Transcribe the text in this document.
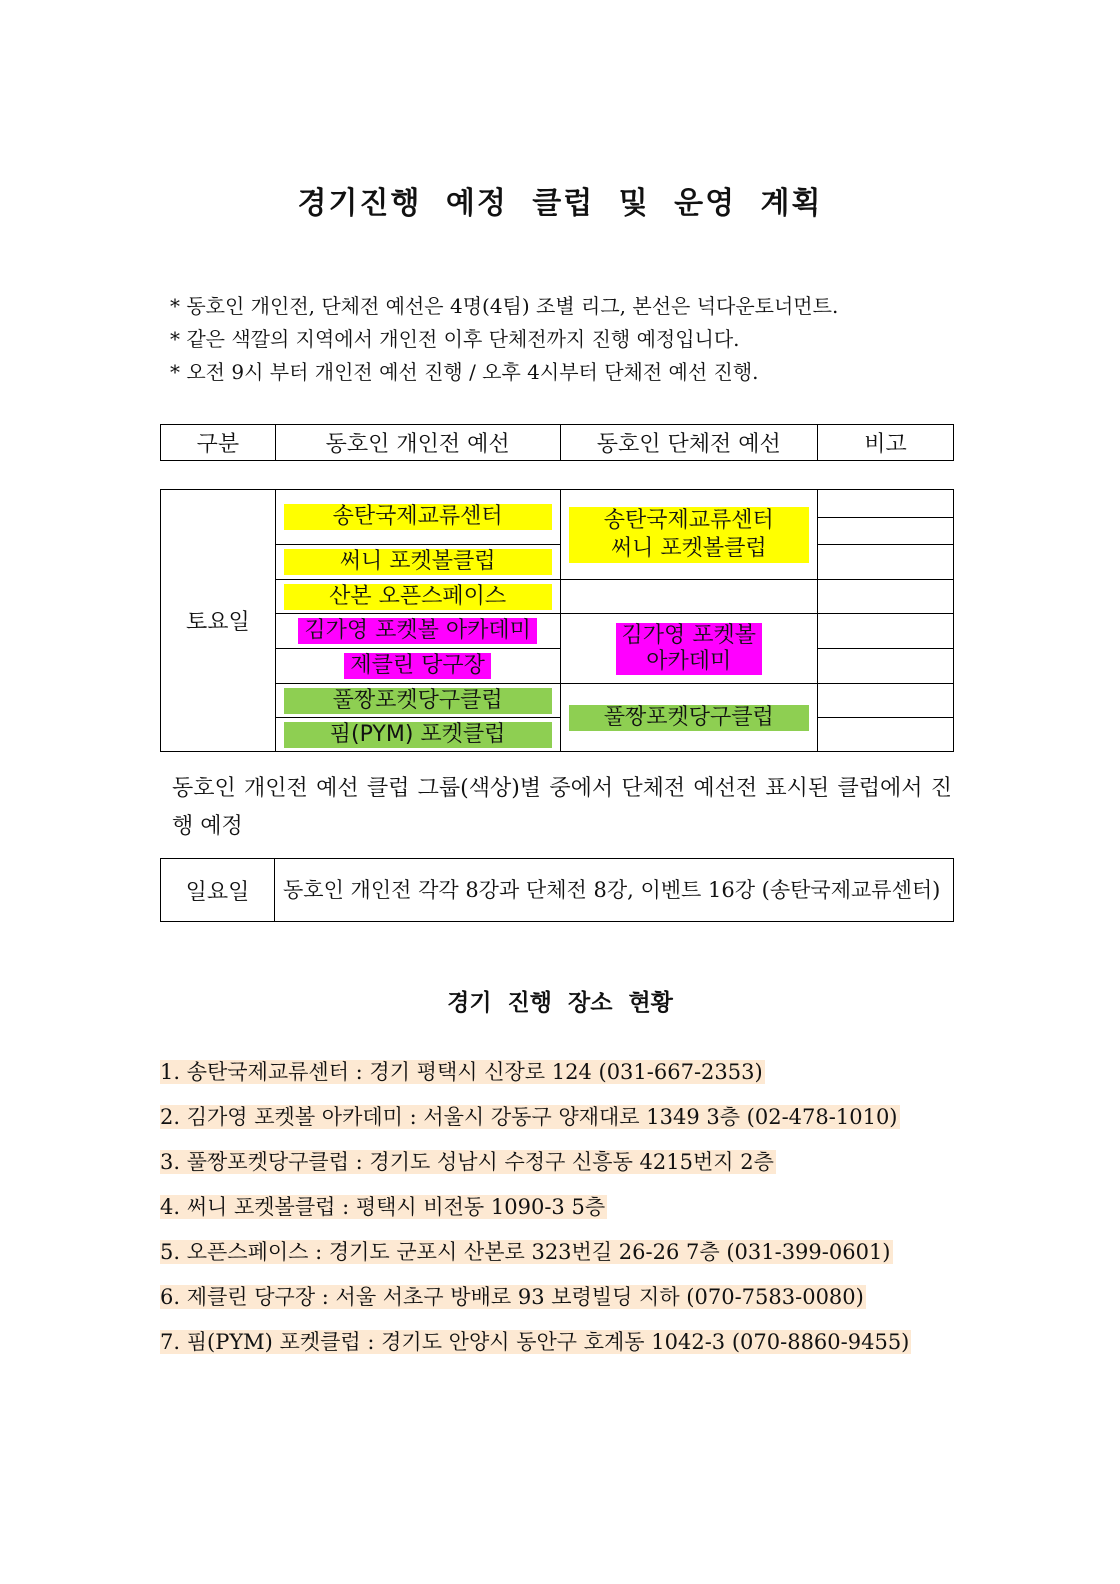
경기진행 예정 클럽 및 운영 계획
* 동호인 개인전, 단체전 예선은 4명(4팀) 조별 리그, 본선은 넉다운토너먼트.
* 같은 색깔의 지역에서 개인전 이후 단체전까지 진행 예정입니다.
* 오전 9시 부터 개인전 예선 진행 / 오후 4시부터 단체전 예선 진행.
구분	동호인 개인전 예선	동호인 단체전 예선	비고
토요일	송탄국제교류센터	송탄국제교류센터
써니 포켓볼클럽	

	써니 포켓볼클럽		

	산본 오픈스페이스		

	김가영 포켓볼 아카데미	김가영 포켓볼
아카데미	
	제클린 당구장		

	풀짱포켓당구클럽	풀짱포켓당구클럽	

	핌(PYM) 포켓클럽		

동호인 개인전 예선 클럽 그룹(색상)별 중에서 단체전 예선전 표시된 클럽에서 진행 예정
일요일	동호인 개인전 각각 8강과 단체전 8강, 이벤트 16강 (송탄국제교류센터)
경기 진행 장소 현황
1. 송탄국제교류센터 : 경기 평택시 신장로 124 (031-667-2353)
2. 김가영 포켓볼 아카데미 : 서울시 강동구 양재대로 1349 3층 (02-478-1010)
3. 풀짱포켓당구클럽 : 경기도 성남시 수정구 신흥동 4215번지 2층
4. 써니 포켓볼클럽 : 평택시 비전동 1090-3 5층
5. 오픈스페이스 : 경기도 군포시 산본로 323번길 26-26 7층 (031-399-0601)
6. 제클린 당구장 : 서울 서초구 방배로 93 보령빌딩 지하 (070-7583-0080)
7. 핌(PYM) 포켓클럽 : 경기도 안양시 동안구 호계동 1042-3 (070-8860-9455)
